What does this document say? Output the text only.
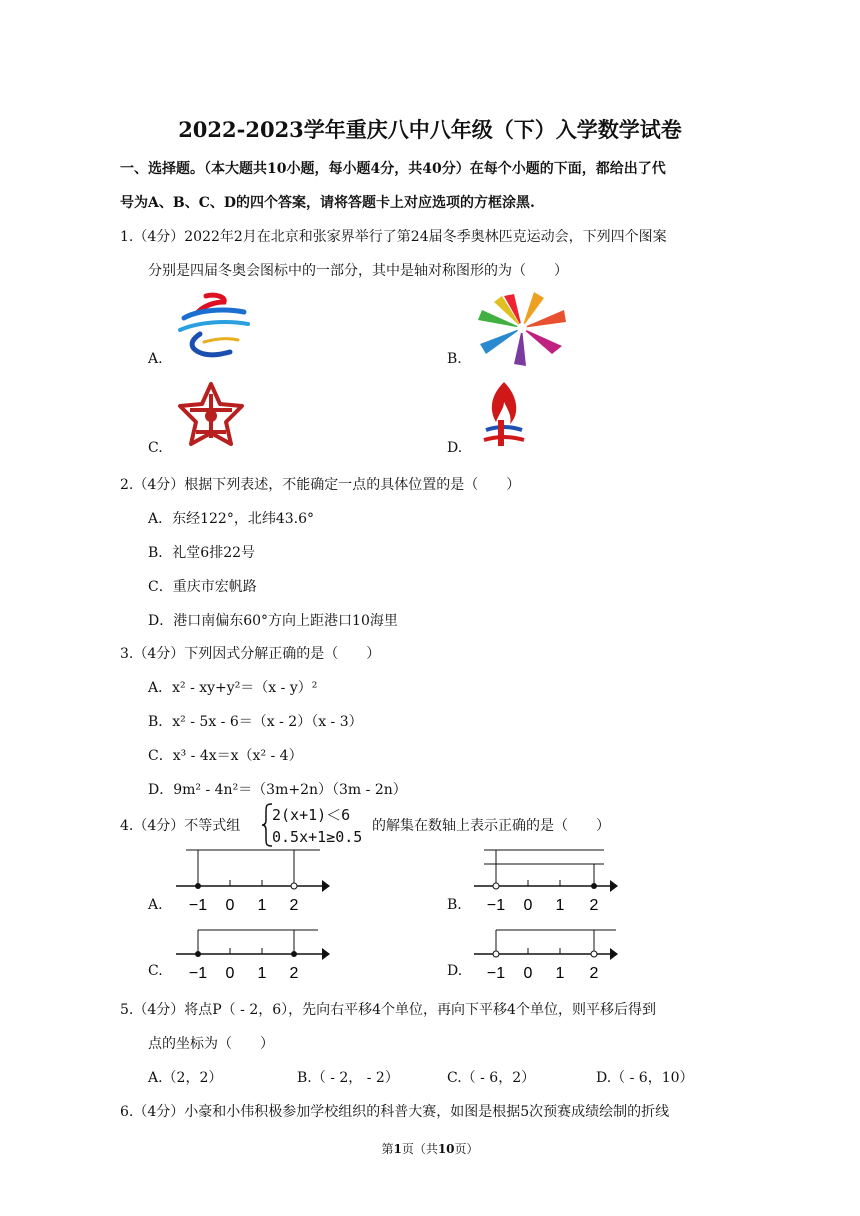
2022-2023学年重庆八中八年级（下）入学数学试卷
一、选择题。（本大题共10小题，每小题4分，共40分）在每个小题的下面，都给出了代
号为A、B、C、D的四个答案，请将答题卡上对应选项的方框涂黑.
1.（4分）2022年2月在北京和张家界举行了第24届冬季奥林匹克运动会，下列四个图案
分别是四届冬奥会图标中的一部分，其中是轴对称图形的为（　　）
A.	B.
C.	D.
2.（4分）根据下列表述，不能确定一点的具体位置的是（　　）
A．东经122°，北纬43.6°
B．礼堂6排22号
C．重庆市宏帆路
D．港口南偏东60°方向上距港口10海里
3.（4分）下列因式分解正确的是（　　）
A．x² - xy+y²＝（x - y）²
B．x² - 5x - 6＝（x - 2）（x - 3）
C．x³ - 4x＝x（x² - 4）
D．9m² - 4n²＝（3m+2n）（3m - 2n）
4.（4分）不等式组
2(x+1)＜6
0.5x+1≥0.5
的解集在数轴上表示正确的是（　　）
A. −1 0 1 2	B. −1 0 1 2
C. −1 0 1 2	D. −1 0 1 2
5.（4分）将点P（ - 2，6），先向右平移4个单位，再向下平移4个单位，则平移后得到
点的坐标为（　　）
A.（2，2）	B.（ - 2， - 2）	C.（ - 6，2）	D.（ - 6，10）
6.（4分）小豪和小伟积极参加学校组织的科普大赛，如图是根据5次预赛成绩绘制的折线
第1页（共10页）
